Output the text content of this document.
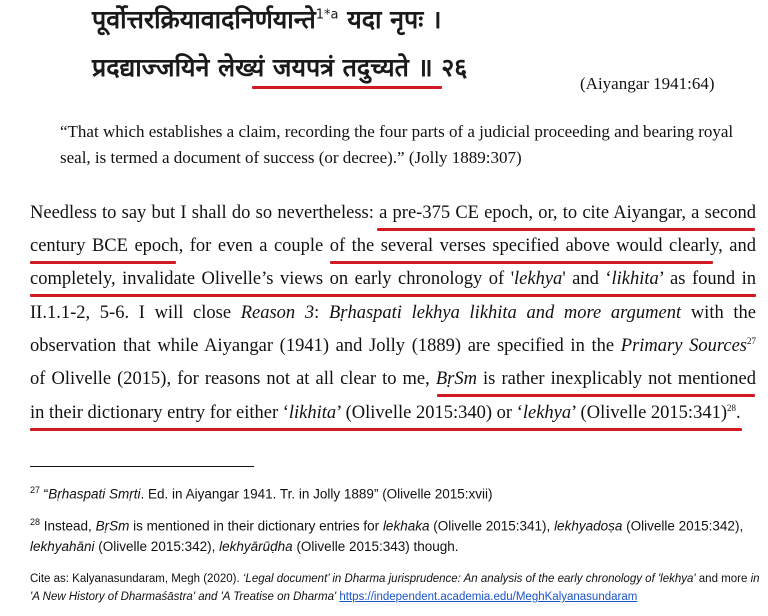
पूर्वोत्तरक्रियावादनिर्णयान्ते$^{1*a}$ यदा नृपः ।
प्रदद्याज्जयिने लेख्यं जयपत्रं तदुच्यते ॥ २६
(Aiyangar 1941:64)
“That which establishes a claim, recording the four parts of a judicial proceeding and bearing royal seal, is termed a document of success (or decree).” (Jolly 1889:307)
Needless to say but I shall do so nevertheless: a pre-375 CE epoch, or, to cite Aiyangar, a second
century BCE epoch, for even a couple of the several verses specified above would clearly, and
completely, invalidate Olivelle’s views on early chronology of 'lekhya' and ‘likhita’ as found in
II.1.1-2, 5-6. I will close Reason 3: Bṛhaspati lekhya likhita and more argument with the
observation that while Aiyangar (1941) and Jolly (1889) are specified in the Primary Sources$^{27}$
of Olivelle (2015), for reasons not at all clear to me, BṛSm is rather inexplicably not mentioned
in their dictionary entry for either ‘likhita’ (Olivelle 2015:340) or ‘lekhya’ (Olivelle 2015:341)$^{28}$.
$^{27}$ “Bṛhaspati Smṛti. Ed. in Aiyangar 1941. Tr. in Jolly 1889” (Olivelle 2015:xvii)
$^{28}$ Instead, BṛSm is mentioned in their dictionary entries for lekhaka (Olivelle 2015:341), lekhyadoṣa (Olivelle 2015:342), lekhyahāni (Olivelle 2015:342), lekhyārūḍha (Olivelle 2015:343) though.
Cite as: Kalyanasundaram, Megh (2020). ‘Legal document’ in Dharma jurisprudence: An analysis of the early chronology of 'lekhya' and more in 'A New History of Dharmaśāstra' and 'A Treatise on Dharma' https://independent.academia.edu/MeghKalyanasundaram
